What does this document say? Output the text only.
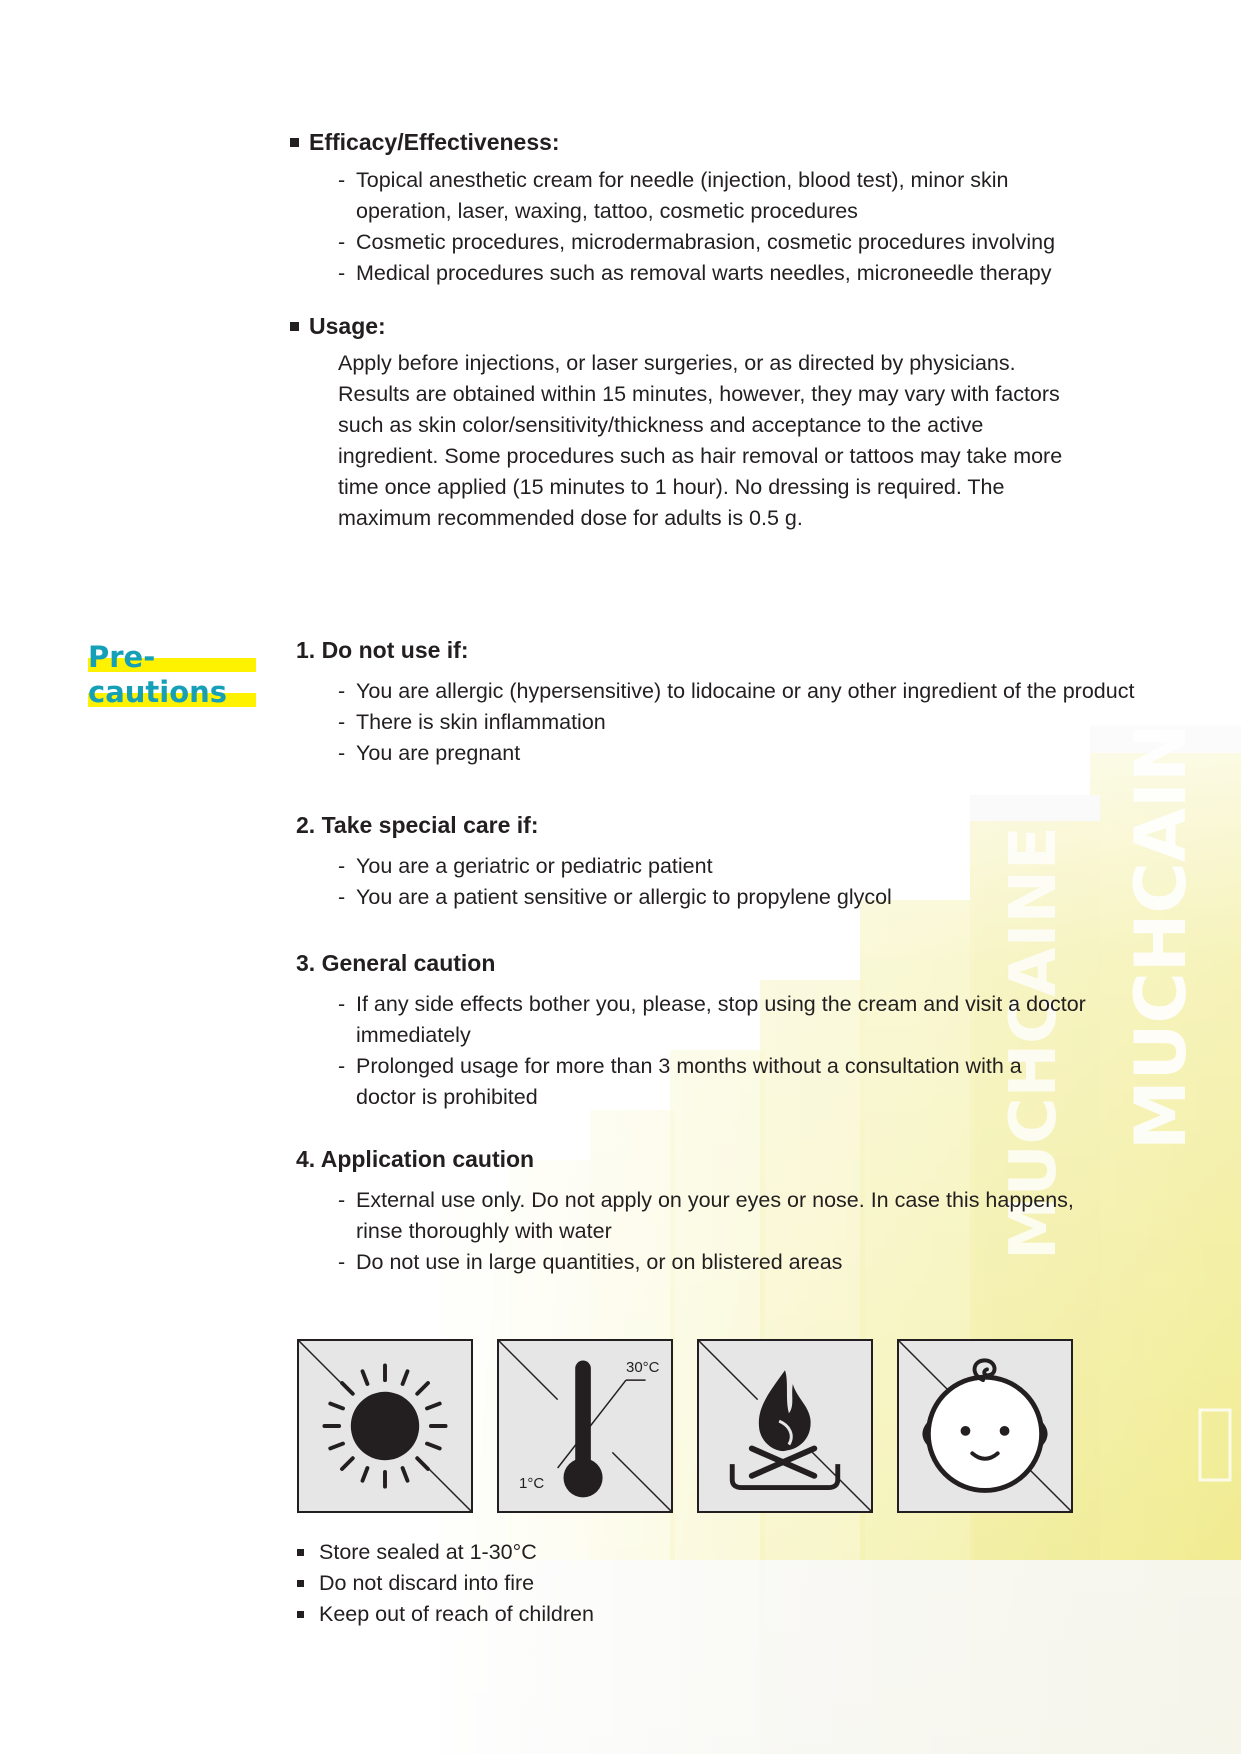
Efficacy/Effectiveness:
- Topical anesthetic cream for needle (injection, blood test), minor skin operation, laser, waxing, tattoo, cosmetic procedures
- Cosmetic procedures, microdermabrasion, cosmetic procedures involving
- Medical procedures such as removal warts needles, microneedle therapy
Usage:
Apply before injections, or laser surgeries, or as directed by physicians. Results are obtained within 15 minutes, however, they may vary with factors such as skin color/sensitivity/thickness and acceptance to the active ingredient. Some procedures such as hair removal or tattoos may take more time once applied (15 minutes to 1 hour). No dressing is required. The maximum recommended dose for adults is 0.5 g.
Pre-
cautions
1. Do not use if:
- You are allergic (hypersensitive) to lidocaine or any other ingredient of the product
- There is skin inflammation
- You are pregnant
2. Take special care if:
- You are a geriatric or pediatric patient
- You are a patient sensitive or allergic to propylene glycol
3. General caution
- If any side effects bother you, please, stop using the cream and visit a doctor immediately
- Prolonged usage for more than 3 months without a consultation with a doctor is prohibited
4. Application caution
- External use only. Do not apply on your eyes or nose. In case this happens, rinse thoroughly with water
- Do not use in large quantities, or on blistered areas
30°C
1°C
Store sealed at 1-30°C
Do not discard into fire
Keep out of reach of children
